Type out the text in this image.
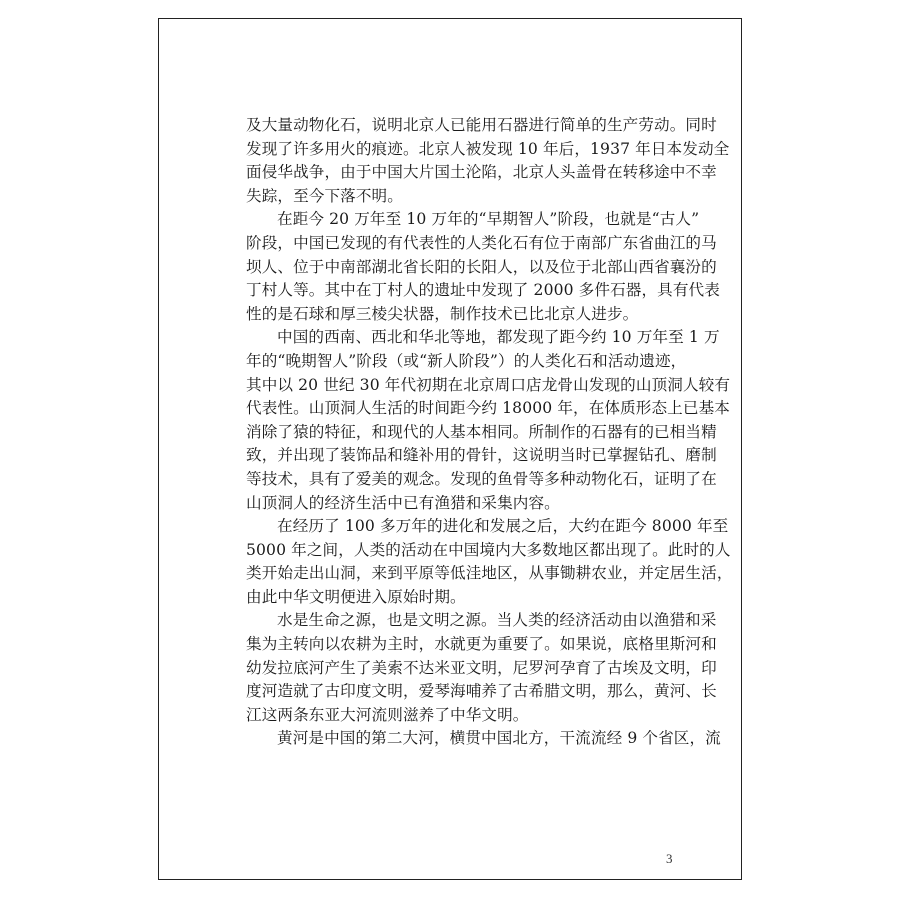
及大量动物化石，说明北京人已能用石器进行简单的生产劳动。同时
发现了许多用火的痕迹。北京人被发现 10 年后，1937 年日本发动全
面侵华战争，由于中国大片国土沦陷，北京人头盖骨在转移途中不幸
失踪，至今下落不明。
在距今 20 万年至 10 万年的“早期智人”阶段，也就是“古人”
阶段，中国已发现的有代表性的人类化石有位于南部广东省曲江的马
坝人、位于中南部湖北省长阳的长阳人，以及位于北部山西省襄汾的
丁村人等。其中在丁村人的遗址中发现了 2000 多件石器，具有代表
性的是石球和厚三棱尖状器，制作技术已比北京人进步。
中国的西南、西北和华北等地，都发现了距今约 10 万年至 1 万
年的“晚期智人”阶段（或“新人阶段”）的人类化石和活动遗迹，
其中以 20 世纪 30 年代初期在北京周口店龙骨山发现的山顶洞人较有
代表性。山顶洞人生活的时间距今约 18000 年，在体质形态上已基本
消除了猿的特征，和现代的人基本相同。所制作的石器有的已相当精
致，并出现了装饰品和缝补用的骨针，这说明当时已掌握钻孔、磨制
等技术，具有了爱美的观念。发现的鱼骨等多种动物化石，证明了在
山顶洞人的经济生活中已有渔猎和采集内容。
在经历了 100 多万年的进化和发展之后，大约在距今 8000 年至
5000 年之间，人类的活动在中国境内大多数地区都出现了。此时的人
类开始走出山洞，来到平原等低洼地区，从事锄耕农业，并定居生活，
由此中华文明便进入原始时期。
水是生命之源，也是文明之源。当人类的经济活动由以渔猎和采
集为主转向以农耕为主时，水就更为重要了。如果说，底格里斯河和
幼发拉底河产生了美索不达米亚文明，尼罗河孕育了古埃及文明，印
度河造就了古印度文明，爱琴海哺养了古希腊文明，那么，黄河、长
江这两条东亚大河流则滋养了中华文明。
黄河是中国的第二大河，横贯中国北方，干流流经 9 个省区，流
3
